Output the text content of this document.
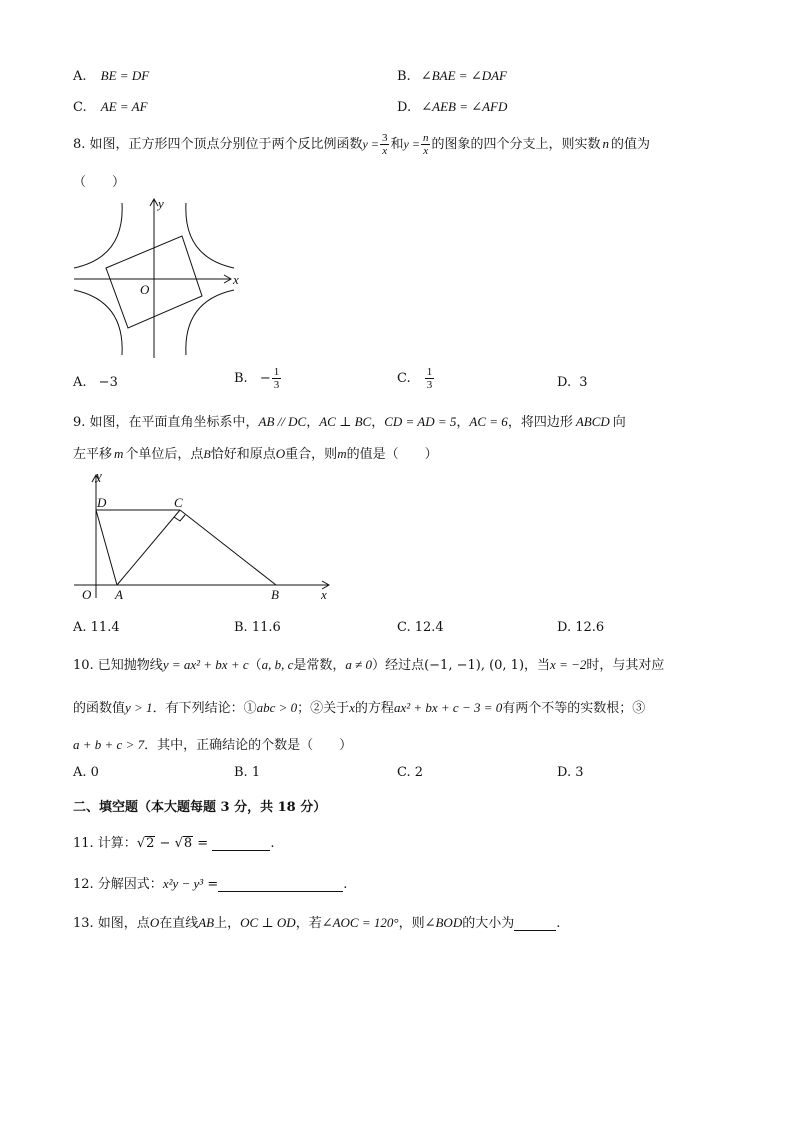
A. BE = DF	B. ∠BAE = ∠DAF
C. AE = AF	D. ∠AEB = ∠AFD
8. 如图，正方形四个顶点分别位于两个反比例函数$y = \frac{3}{x}$ 和$y = \frac{n}{x}$ 的图象的四个分支上，则实数 n 的值为
（　　）
y
x
O
A. −3	B. − $\frac{1}{3}$	C. $\frac{1}{3}$	D. 3
9. 如图，在平面直角坐标系中，AB // DC，AC ⊥ BC，CD = AD = 5，AC = 6，将四边形 ABCD 向
左平移 m 个单位后，点B恰好和原点O重合，则m的值是（　　）
y
x
O A	B
C
D
A. 11.4	B. 11.6	C. 12.4	D. 12.6
10. 已知抛物线y = ax² + bx + c（a, b, c是常数，a ≠ 0）经过点(−1, −1), (0, 1)，当x = −2时，与其对应
的函数值y > 1．有下列结论：①abc > 0；②关于x的方程ax² + bx + c − 3 = 0有两个不等的实数根；③
a + b + c > 7．其中，正确结论的个数是（　　）
A. 0	B. 1	C. 2	D. 3
二、填空题（本大题每题 3 分，共 18 分）
11. 计算：√2 − √8 =	.
12. 分解因式：x²y − y³ =	.
13. 如图，点O在直线AB上，OC ⊥ OD，若∠AOC = 120°，则∠BOD的大小为	.
